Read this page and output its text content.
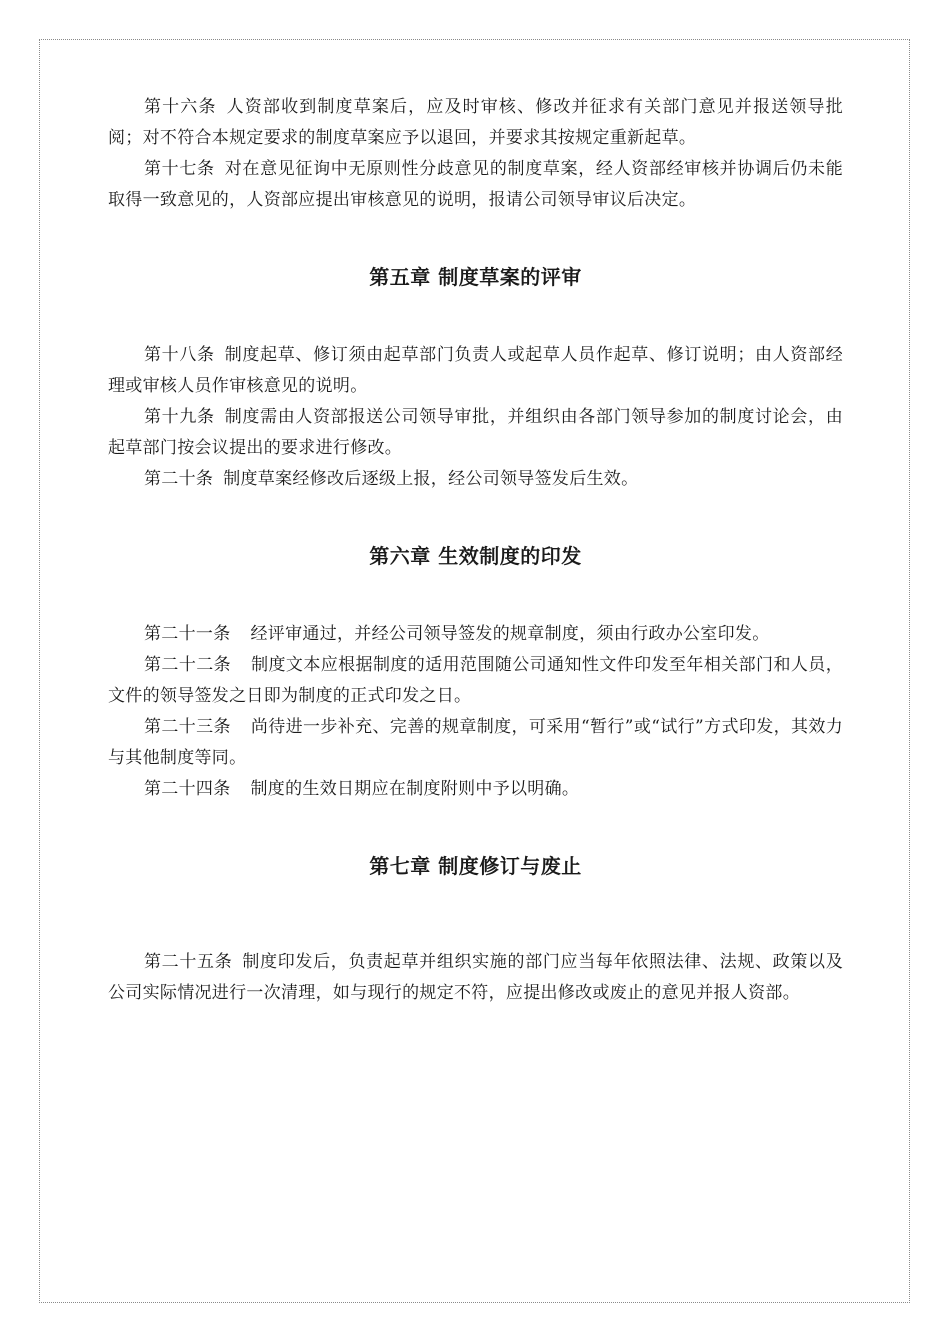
第十六条 人资部收到制度草案后，应及时审核、修改并征求有关部门意见并报送领导批阅；对不符合本规定要求的制度草案应予以退回，并要求其按规定重新起草。

第十七条 对在意见征询中无原则性分歧意见的制度草案，经人资部经审核并协调后仍未能取得一致意见的，人资部应提出审核意见的说明，报请公司领导审议后决定。

第五章 制度草案的评审

第十八条 制度起草、修订须由起草部门负责人或起草人员作起草、修订说明；由人资部经理或审核人员作审核意见的说明。

第十九条 制度需由人资部报送公司领导审批，并组织由各部门领导参加的制度讨论会，由起草部门按会议提出的要求进行修改。

第二十条 制度草案经修改后逐级上报，经公司领导签发后生效。

第六章 生效制度的印发

第二十一条 经评审通过，并经公司领导签发的规章制度，须由行政办公室印发。

第二十二条 制度文本应根据制度的适用范围随公司通知性文件印发至年相关部门和人员，文件的领导签发之日即为制度的正式印发之日。

第二十三条 尚待进一步补充、完善的规章制度，可采用“暂行”或“试行”方式印发，其效力与其他制度等同。

第二十四条 制度的生效日期应在制度附则中予以明确。

第七章 制度修订与废止

第二十五条 制度印发后，负责起草并组织实施的部门应当每年依照法律、法规、政策以及公司实际情况进行一次清理，如与现行的规定不符，应提出修改或废止的意见并报人资部。
